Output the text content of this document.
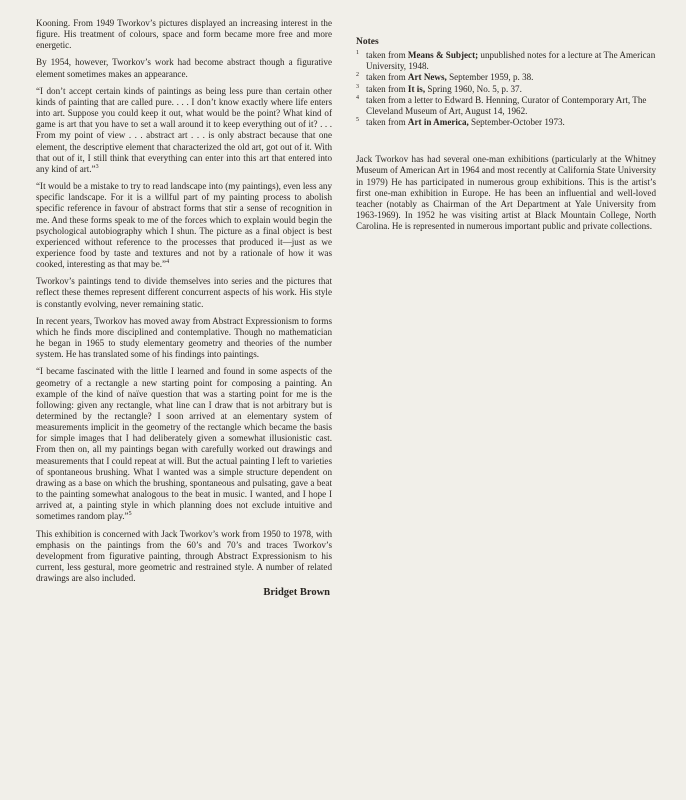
Kooning. From 1949 Tworkov’s pictures displayed an increasing interest in the figure. His treatment of colours, space and form became more free and more energetic.

By 1954, however, Tworkov’s work had become abstract though a figurative element sometimes makes an appearance.

“I don’t accept certain kinds of paintings as being less pure than certain other kinds of painting that are called pure. . . . I don’t know exactly where life enters into art. Suppose you could keep it out, what would be the point? What kind of game is art that you have to set a wall around it to keep everything out of it? . . . From my point of view . . . abstract art . . . is only abstract because that one element, the descriptive element that characterized the old art, got out of it. With that out of it, I still think that everything can enter into this art that entered into any kind of art.”$^3$

“It would be a mistake to try to read landscape into (my paintings), even less any specific landscape. For it is a willful part of my painting process to abolish specific reference in favour of abstract forms that stir a sense of recognition in me. And these forms speak to me of the forces which to explain would begin the psychological autobiography which I shun. The picture as a final object is best experienced without reference to the processes that produced it—just as we experience food by taste and textures and not by a rationale of how it was cooked, interesting as that may be.”$^4$

Tworkov’s paintings tend to divide themselves into series and the pictures that reflect these themes represent different concurrent aspects of his work. His style is constantly evolving, never remaining static.

In recent years, Tworkov has moved away from Abstract Expressionism to forms which he finds more disciplined and contemplative. Though no mathematician he began in 1965 to study elementary geometry and theories of the number system. He has translated some of his findings into paintings.

“I became fascinated with the little I learned and found in some aspects of the geometry of a rectangle a new starting point for composing a painting. An example of the kind of naïve question that was a starting point for me is the following: given any rectangle, what line can I draw that is not arbitrary but is determined by the rectangle? I soon arrived at an elementary system of measurements implicit in the geometry of the rectangle which became the basis for simple images that I had deliberately given a somewhat illusionistic cast. From then on, all my paintings began with carefully worked out drawings and measurements that I could repeat at will. But the actual painting I left to varieties of spontaneous brushing. What I wanted was a simple structure dependent on drawing as a base on which the brushing, spontaneous and pulsating, gave a beat to the painting somewhat analogous to the beat in music. I wanted, and I hope I arrived at, a painting style in which planning does not exclude intuitive and sometimes random play.”$^5$

This exhibition is concerned with Jack Tworkov’s work from 1950 to 1978, with emphasis on the paintings from the 60’s and 70’s and traces Tworkov’s development from figurative painting, through Abstract Expressionism to his current, less gestural, more geometric and restrained style. A number of related drawings are also included.

Bridget Brown
Notes
1 taken from Means & Subject; unpublished notes for a lecture at The American University, 1948.
2 taken from Art News, September 1959, p. 38.
3 taken from It is, Spring 1960, No. 5, p. 37.
4 taken from a letter to Edward B. Henning, Curator of Contemporary Art, The Cleveland Museum of Art, August 14, 1962.
5 taken from Art in America, September-October 1973.

Jack Tworkov has had several one-man exhibitions (particularly at the Whitney Museum of American Art in 1964 and most recently at California State University in 1979) He has participated in numerous group exhibitions. This is the artist’s first one-man exhibition in Europe. He has been an influential and well-loved teacher (notably as Chairman of the Art Department at Yale University from 1963-1969). In 1952 he was visiting artist at Black Mountain College, North Carolina. He is represented in numerous important public and private collections.
